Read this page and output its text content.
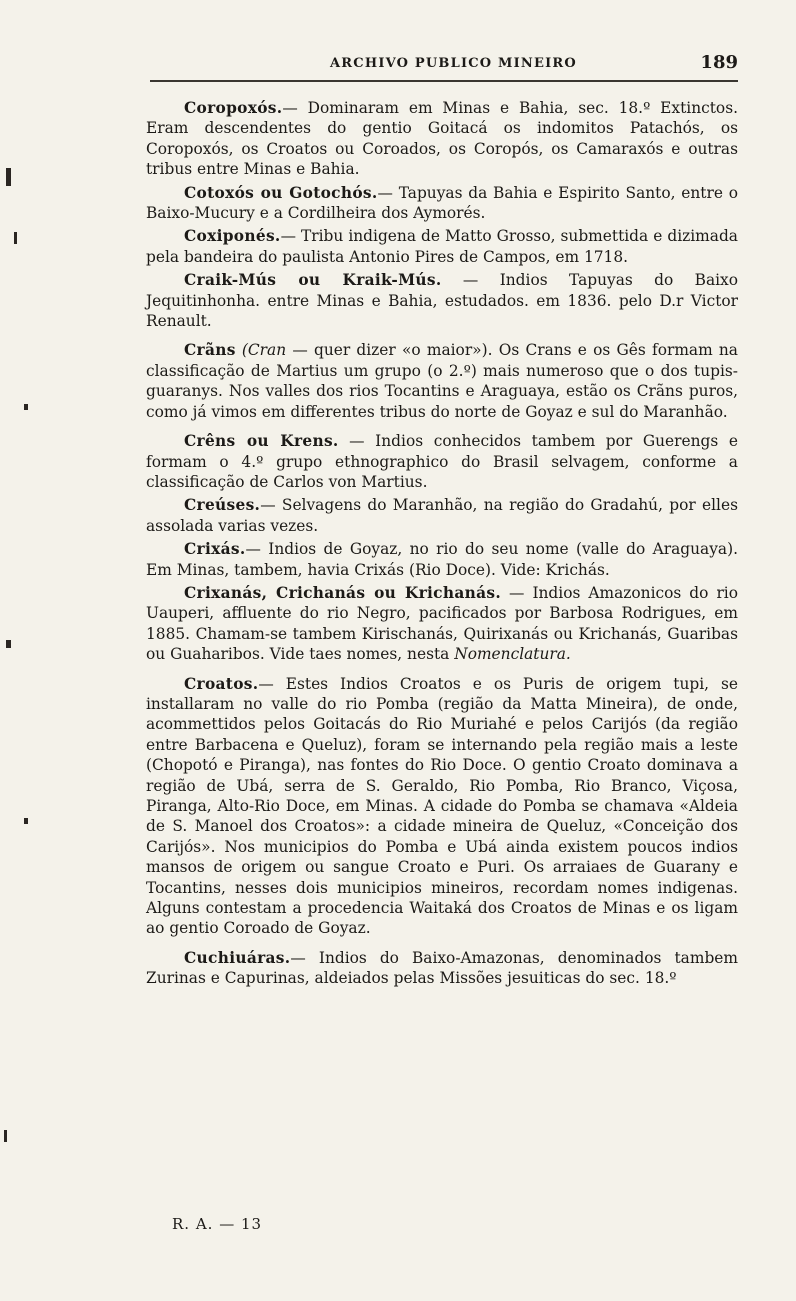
ARCHIVO PUBLICO MINEIRO	189

Coropoxós.— Dominaram em Minas e Bahia, sec. 18.º Extinctos. Eram descendentes do gentio Goitacá os indomitos Patachós, os Coropoxós, os Croatos ou Coroados, os Coropós, os Camaraxós e outras tribus entre Minas e Bahia.

Cotoxós ou Gotochós.— Tapuyas da Bahia e Espirito Santo, entre o Baixo-Mucury e a Cordilheira dos Aymorés.

Coxiponés.— Tribu indigena de Matto Grosso, submettida e dizimada pela bandeira do paulista Antonio Pires de Campos, em 1718.

Craik-Mús ou Kraik-Mús. — Indios Tapuyas do Baixo Jequitinhonha. entre Minas e Bahia, estudados. em 1836. pelo D.r Victor Renault.

Crãns (Cran — quer dizer «o maior»). Os Crans e os Gês formam na classificação de Martius um grupo (o 2.º) mais numeroso que o dos tupis-guaranys. Nos valles dos rios Tocantins e Araguaya, estão os Crãns puros, como já vimos em differentes tribus do norte de Goyaz e sul do Maranhão.

Crêns ou Krens. — Indios conhecidos tambem por Guerengs e formam o 4.º grupo ethnographico do Brasil selvagem, conforme a classificação de Carlos von Martius.

Creúses.— Selvagens do Maranhão, na região do Gradahú, por elles assolada varias vezes.

Crixás.— Indios de Goyaz, no rio do seu nome (valle do Araguaya). Em Minas, tambem, havia Crixás (Rio Doce). Vide: Krichás.

Crixanás, Crichanás ou Krichanás. — Indios Amazonicos do rio Uauperi, affluente do rio Negro, pacificados por Barbosa Rodrigues, em 1885. Chamam-se tambem Kirischanás, Quirixanás ou Krichanás, Guaribas ou Guaharibos. Vide taes nomes, nesta Nomenclatura.

Croatos.— Estes Indios Croatos e os Puris de origem tupi, se installaram no valle do rio Pomba (região da Matta Mineira), de onde, acommettidos pelos Goitacás do Rio Muriahé e pelos Carijós (da região entre Barbacena e Queluz), foram se internando pela região mais a leste (Chopotó e Piranga), nas fontes do Rio Doce. O gentio Croato dominava a região de Ubá, serra de S. Geraldo, Rio Pomba, Rio Branco, Viçosa, Piranga, Alto-Rio Doce, em Minas. A cidade do Pomba se chamava «Aldeia de S. Manoel dos Croatos»: a cidade mineira de Queluz, «Conceição dos Carijós». Nos municipios do Pomba e Ubá ainda existem poucos indios mansos de origem ou sangue Croato e Puri. Os arraiaes de Guarany e Tocantins, nesses dois municipios mineiros, recordam nomes indigenas. Alguns contestam a procedencia Waitaká dos Croatos de Minas e os ligam ao gentio Coroado de Goyaz.

Cuchiuáras.— Indios do Baixo-Amazonas, denominados tambem Zurinas e Capurinas, aldeiados pelas Missões jesuiticas do sec. 18.º

R. A. — 13
